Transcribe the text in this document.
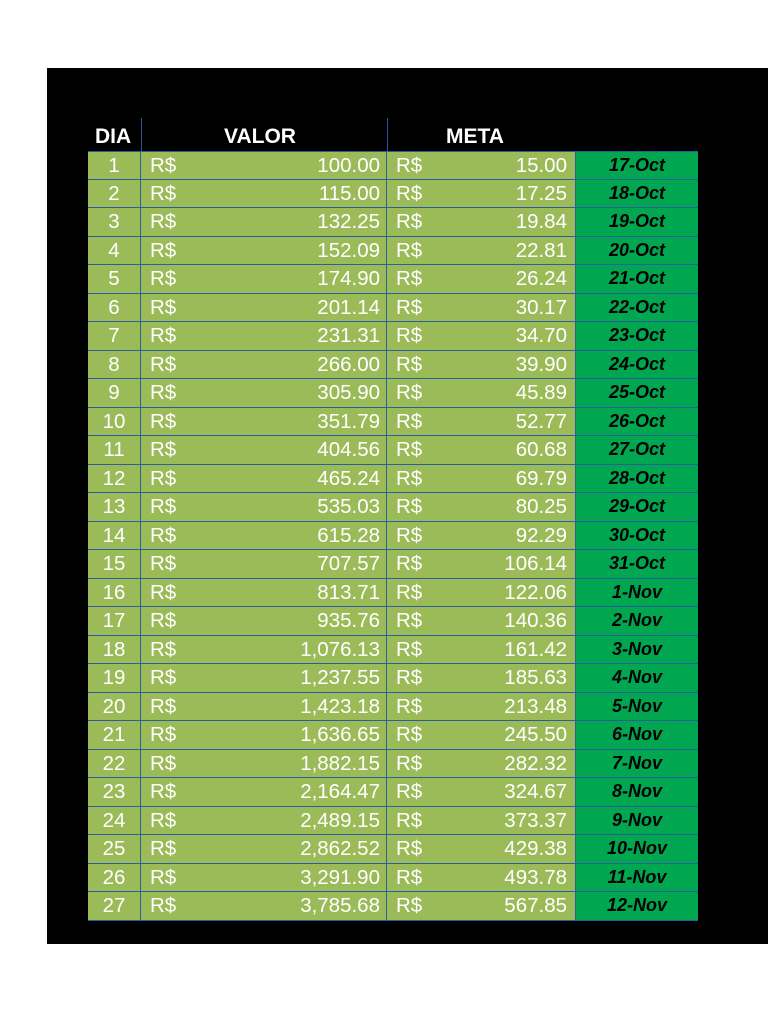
DIA	VALOR	META
1	R$	100.00 R$	15.00	17-Oct
2	R$	115.00 R$	17.25	18-Oct
3	R$	132.25 R$	19.84	19-Oct
4	R$	152.09 R$	22.81	20-Oct
5	R$	174.90 R$	26.24	21-Oct
6	R$	201.14 R$	30.17	22-Oct
7	R$	231.31 R$	34.70	23-Oct
8	R$	266.00 R$	39.90	24-Oct
9	R$	305.90 R$	45.89	25-Oct
10	R$	351.79 R$	52.77	26-Oct
11	R$	404.56 R$	60.68	27-Oct
12	R$	465.24 R$	69.79	28-Oct
13	R$	535.03 R$	80.25	29-Oct
14	R$	615.28 R$	92.29	30-Oct
15	R$	707.57 R$	106.14	31-Oct
16	R$	813.71 R$	122.06	1-Nov
17	R$	935.76 R$	140.36	2-Nov
18	R$	1,076.13 R$	161.42	3-Nov
19	R$	1,237.55 R$	185.63	4-Nov
20	R$	1,423.18 R$	213.48	5-Nov
21	R$	1,636.65 R$	245.50	6-Nov
22	R$	1,882.15 R$	282.32	7-Nov
23	R$	2,164.47 R$	324.67	8-Nov
24	R$	2,489.15 R$	373.37	9-Nov
25	R$	2,862.52 R$	429.38	10-Nov
26	R$	3,291.90 R$	493.78	11-Nov
27	R$	3,785.68 R$	567.85	12-Nov
